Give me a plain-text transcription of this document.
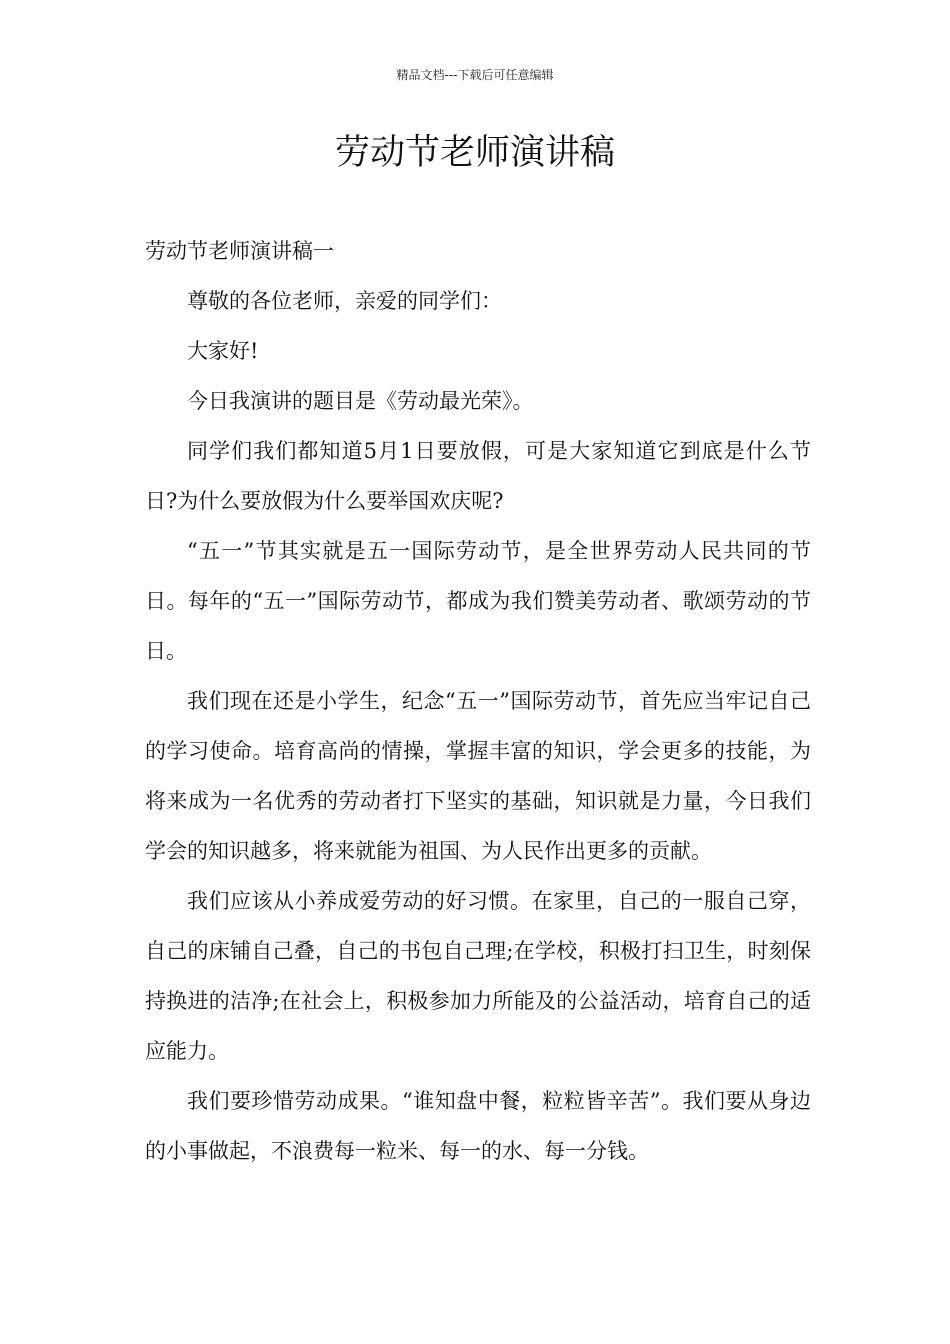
精品文档---下载后可任意编辑
劳动节老师演讲稿

劳动节老师演讲稿一

尊敬的各位老师，亲爱的同学们：

大家好!

今日我演讲的题目是《劳动最光荣》。

同学们我们都知道5月1日要放假，可是大家知道它到底是什么节日?为什么要放假为什么要举国欢庆呢?

“五一”节其实就是五一国际劳动节，是全世界劳动人民共同的节日。每年的“五一”国际劳动节，都成为我们赞美劳动者、歌颂劳动的节日。

我们现在还是小学生，纪念“五一”国际劳动节，首先应当牢记自己的学习使命。培育高尚的情操，掌握丰富的知识，学会更多的技能，为将来成为一名优秀的劳动者打下坚实的基础，知识就是力量，今日我们学会的知识越多，将来就能为祖国、为人民作出更多的贡献。

我们应该从小养成爱劳动的好习惯。在家里，自己的一服自己穿，自己的床铺自己叠，自己的书包自己理;在学校，积极打扫卫生，时刻保持换进的洁净;在社会上，积极参加力所能及的公益活动，培育自己的适应能力。

我们要珍惜劳动成果。“谁知盘中餐，粒粒皆辛苦”。我们要从身边的小事做起，不浪费每一粒米、每一的水、每一分钱。
